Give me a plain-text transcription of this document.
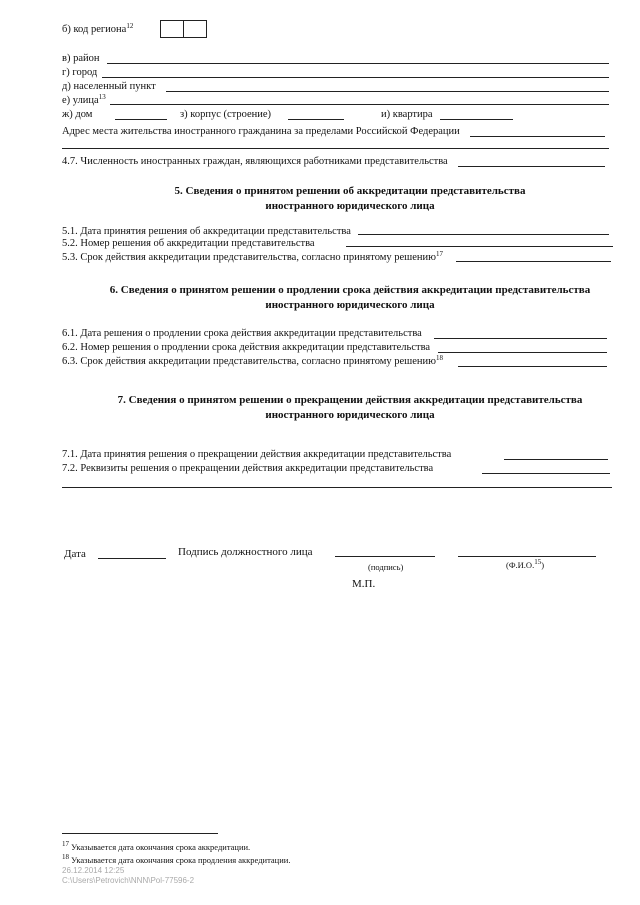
б) код региона$^{12}$
в) район
г) город
д) населенный пункт
е) улица$^{13}$
ж) дом	з) корпус (строение)	и) квартира
Адрес места жительства иностранного гражданина за пределами Российской Федерации
4.7. Численность иностранных граждан, являющихся работниками представительства
5. Сведения о принятом решении об аккредитации представительства
иностранного юридического лица
5.1. Дата принятия решения об аккредитации представительства
5.2. Номер решения об аккредитации представительства
5.3. Срок действия аккредитации представительства, согласно принятому решению$^{17}$
6. Сведения о принятом решении о продлении срока действия аккредитации представительства
иностранного юридического лица
6.1. Дата решения о продлении срока действия аккредитации представительства
6.2. Номер решения о продлении срока действия аккредитации представительства
6.3. Срок действия аккредитации представительства, согласно принятому решению$^{18}$
7. Сведения о принятом решении о прекращении действия аккредитации представительства
иностранного юридического лица
7.1. Дата принятия решения о прекращении действия аккредитации представительства
7.2. Реквизиты решения о прекращении действия аккредитации представительства
Дата	Подпись должностного лица
(подпись)	(Ф.И.О.$^{15}$)
М.П.
$^{17}$ Указывается дата окончания срока аккредитации.
$^{18}$ Указывается дата окончания срока продления аккредитации.
26.12.2014 12:25
С:\Users\Petrovich\NNN\Pol-77596-2
